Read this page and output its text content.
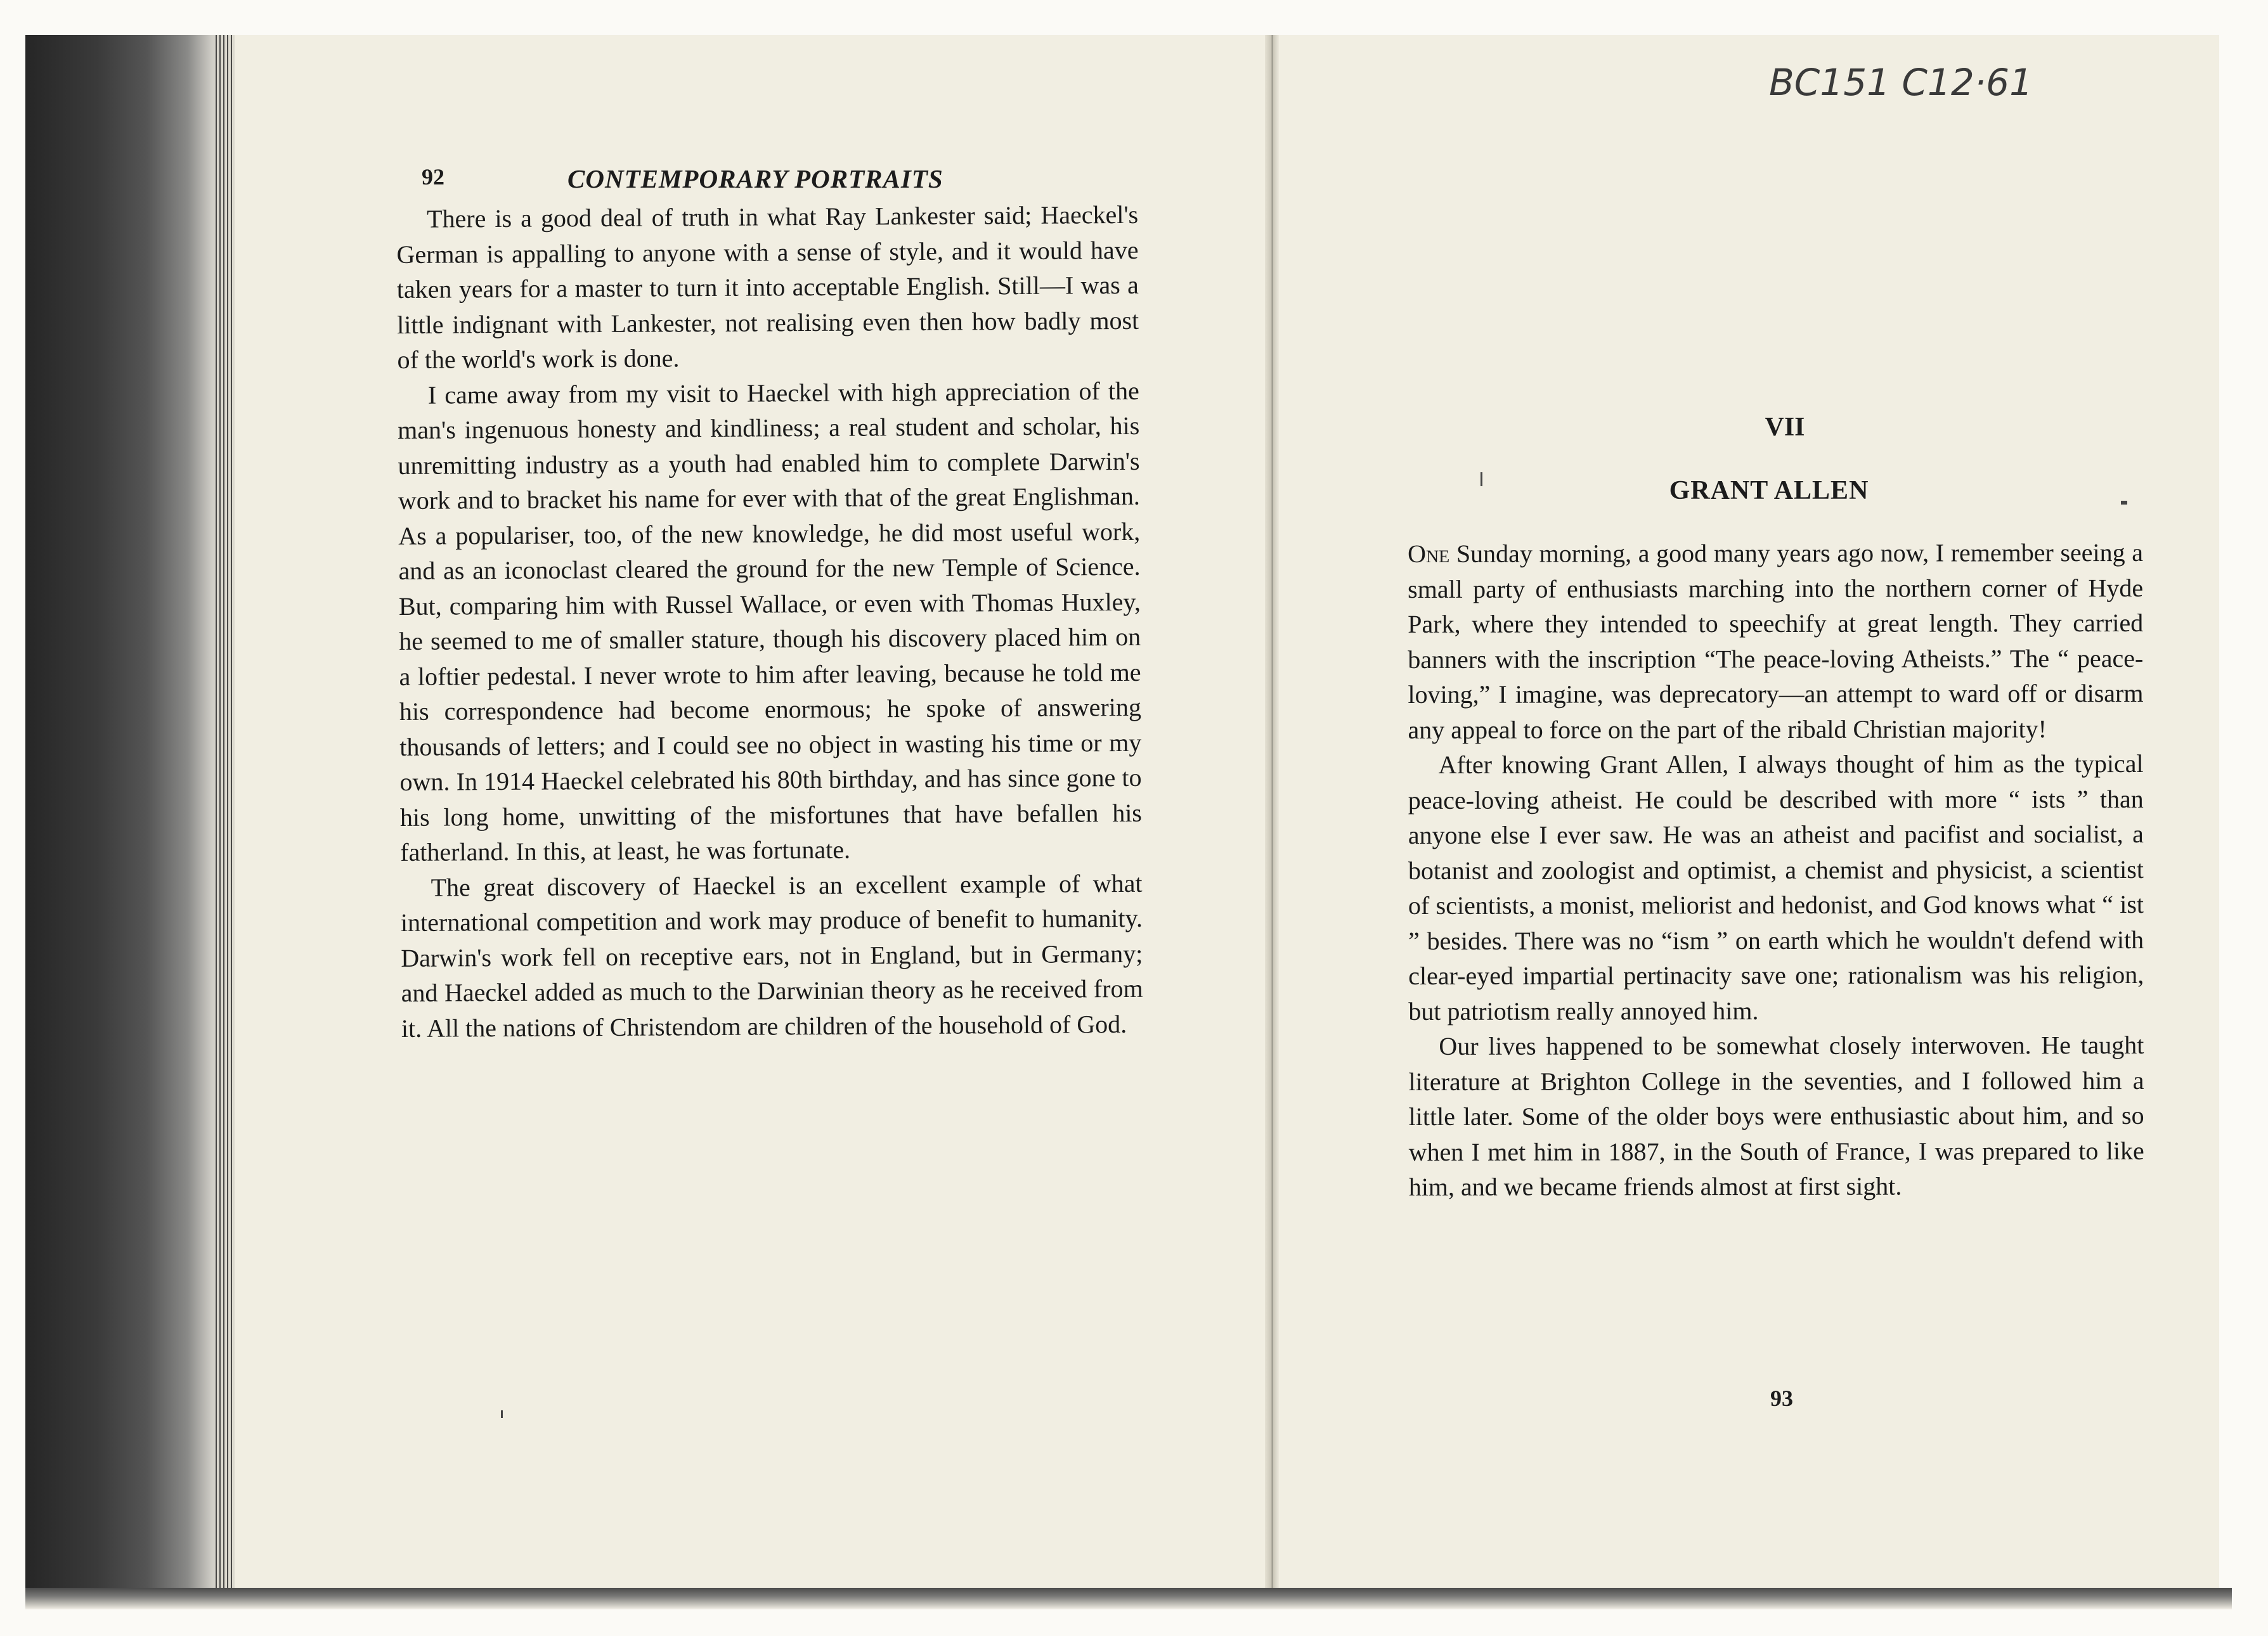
BC151 C12·61
92	CONTEMPORARY PORTRAITS

There is a good deal of truth in what Ray Lankester said; Haeckel's German is appalling to anyone with a sense of style, and it would have taken years for a master to turn it into acceptable English. Still—I was a little indignant with Lankester, not realising even then how badly most of the world's work is done.

I came away from my visit to Haeckel with high appreciation of the man's ingenuous honesty and kindliness; a real student and scholar, his unremitting industry as a youth had enabled him to complete Darwin's work and to bracket his name for ever with that of the great Englishman. As a populariser, too, of the new knowledge, he did most useful work, and as an iconoclast cleared the ground for the new Temple of Science. But, comparing him with Russel Wallace, or even with Thomas Huxley, he seemed to me of smaller stature, though his discovery placed him on a loftier pedestal. I never wrote to him after leaving, because he told me his correspondence had become enormous; he spoke of answering thousands of letters; and I could see no object in wasting his time or my own. In 1914 Haeckel celebrated his 80th birthday, and has since gone to his long home, unwitting of the misfortunes that have befallen his fatherland. In this, at least, he was fortunate.

The great discovery of Haeckel is an excellent example of what international competition and work may produce of benefit to humanity. Darwin's work fell on receptive ears, not in England, but in Germany; and Haeckel added as much to the Darwinian theory as he received from it. All the nations of Christendom are children of the household of God.

VII
GRANT ALLEN

One Sunday morning, a good many years ago now, I remember seeing a small party of enthusiasts marching into the northern corner of Hyde Park, where they intended to speechify at great length. They carried banners with the inscription “The peace-loving Atheists.” The “ peace-loving,” I imagine, was deprecatory—an attempt to ward off or disarm any appeal to force on the part of the ribald Christian majority!

After knowing Grant Allen, I always thought of him as the typical peace-loving atheist. He could be described with more “ ists ” than anyone else I ever saw. He was an atheist and pacifist and socialist, a botanist and zoologist and optimist, a chemist and physicist, a scientist of scientists, a monist, meliorist and hedonist, and God knows what “ ist ” besides. There was no “ism ” on earth which he wouldn't defend with clear-eyed impartial pertinacity save one; rationalism was his religion, but patriotism really annoyed him.

Our lives happened to be somewhat closely interwoven. He taught literature at Brighton College in the seventies, and I followed him a little later. Some of the older boys were enthusiastic about him, and so when I met him in 1887, in the South of France, I was prepared to like him, and we became friends almost at first sight.

93
